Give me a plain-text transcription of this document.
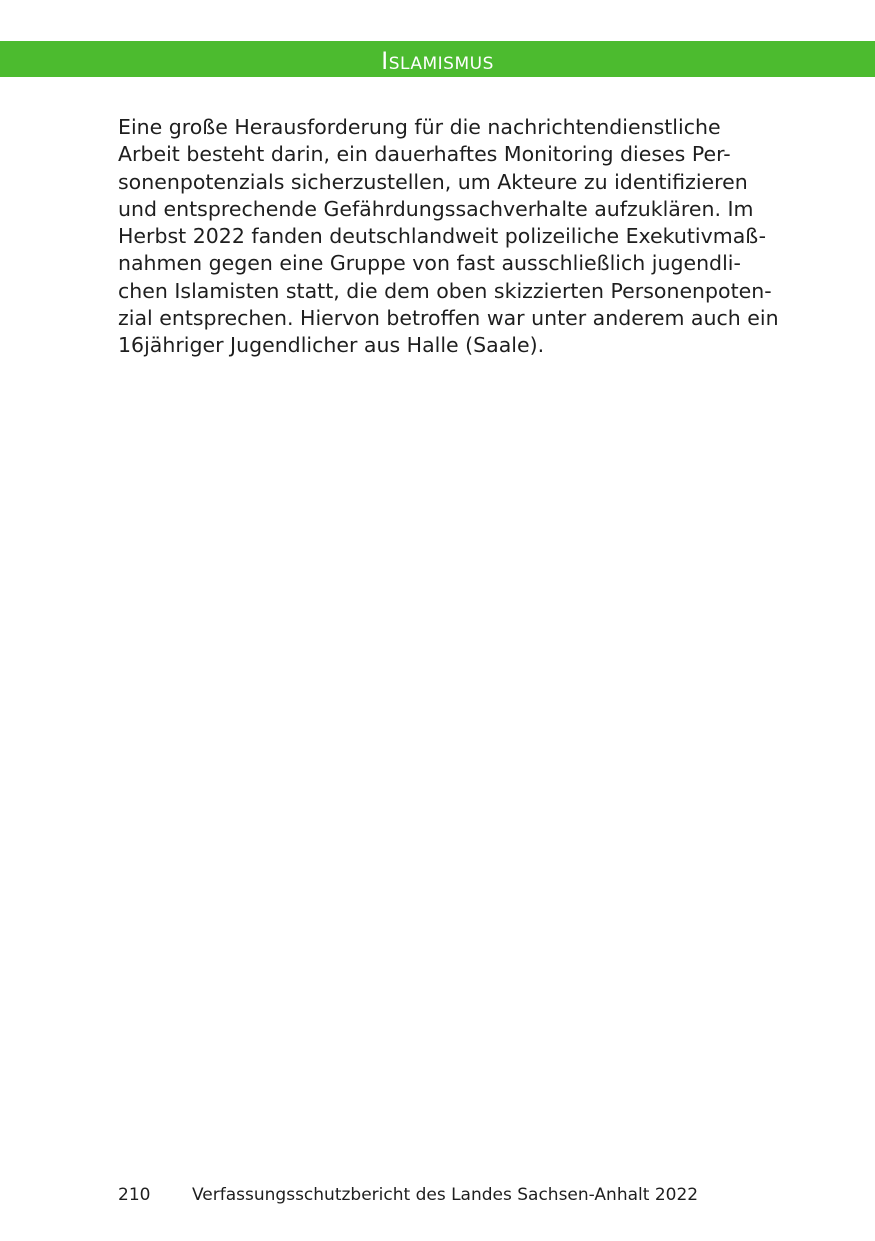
Islamismus
Eine große Herausforderung für die nachrichtendienstliche
Arbeit besteht darin, ein dauerhaftes Monitoring dieses Per-
sonenpotenzials sicherzustellen, um Akteure zu identifizieren
und entsprechende Gefährdungssachverhalte aufzuklären. Im
Herbst 2022 fanden deutschlandweit polizeiliche Exekutivmaß-
nahmen gegen eine Gruppe von fast ausschließlich jugendli-
chen Islamisten statt, die dem oben skizzierten Personenpoten-
zial entsprechen. Hiervon betroffen war unter anderem auch ein
16jähriger Jugendlicher aus Halle (Saale).
210 Verfassungsschutzbericht des Landes Sachsen-Anhalt 2022
